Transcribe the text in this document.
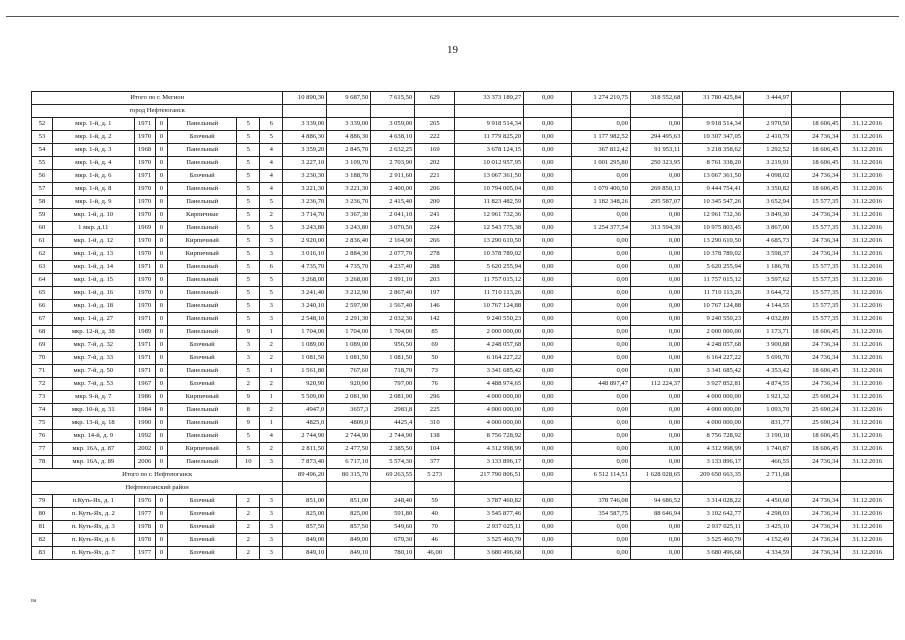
19
Итого по г. Мегион							10 890,30	9 687,50	7 615,50	629	33 373 189,27	0,00	1 274 210,75	318 552,68	31 780 425,84	3 444,97		
город Нефтеюганск																		
52	мкр. 1-й, д. 1	1971	0	Панельный	5	6	3 339,00	3 339,00	3 059,00	265	9 918 514,34	0,00	0,00	0,00	9 918 514,34	2 970,50	18 606,45	31.12.2016
53	мкр. 1-й, д. 2	1970	0	Блочный	5	5	4 886,30	4 886,30	4 638,10	222	11 779 825,20	0,00	1 177 982,52	294 495,63	10 307 347,05	2 410,79	24 736,34	31.12.2016
54	мкр. 1-й, д. 3	1968	0	Панельный	5	4	3 359,20	2 845,70	2 632,25	169	3 678 124,15	0,00	367 812,42	91 953,11	3 218 358,62	1 292,52	18 606,45	31.12.2016
55	мкр. 1-й, д. 4	1970	0	Панельный	5	4	3 227,10	3 109,70	2 703,90	202	10 012 957,95	0,00	1 001 295,80	250 323,95	8 761 338,20	3 219,91	18 606,45	31.12.2016
56	мкр. 1-й, д. 6	1971	0	Блочный	5	4	3 230,30	3 188,70	2 911,60	221	13 067 361,50	0,00	0,00	0,00	13 067 361,50	4 098,02	24 736,34	31.12.2016
57	мкр. 1-й, д. 8	1970	0	Панельный	5	4	3 221,30	3 221,30	2 400,00	206	10 794 005,04	0,00	1 079 400,50	269 850,13	9 444 754,41	3 350,82	18 606,45	31.12.2016
58	мкр. 1-й, д. 9	1970	0	Панельный	5	5	3 236,70	3 236,70	2 415,40	200	11 823 482,59	0,00	1 182 348,26	295 587,07	10 345 547,26	3 652,94	15 577,35	31.12.2016
59	мкр. 1-й, д. 10	1970	0	Кирпичные	5	2	3 714,70	3 367,30	2 041,10	241	12 961 732,36	0,00	0,00	0,00	12 961 732,36	3 849,30	24 736,34	31.12.2016
60	1 мкр. д.11	1969	0	Панельный	5	5	3 243,80	3 243,80	3 070,50	224	12 543 775,38	0,00	1 254 377,54	313 594,39	10 975 803,45	3 867,00	15 577,35	31.12.2016
61	мкр. 1-й, д. 12	1970	0	Кирпичный	5	3	2 920,00	2 836,40	2 164,90	266	13 290 610,50	0,00	0,00	0,00	13 290 610,50	4 685,73	24 736,34	31.12.2016
62	мкр. 1-й, д. 13	1970	0	Кирпичный	5	3	3 016,10	2 884,30	2 077,70	278	10 378 789,02	0,00	0,00	0,00	10 378 789,02	3 598,37	24 736,34	31.12.2016
63	мкр. 1-й, д. 14	1971	0	Панельный	5	6	4 735,70	4 735,70	4 237,40	288	5 620 255,94	0,00	0,00	0,00	5 620 255,94	1 186,78	15 577,35	31.12.2016
64	мкр. 1-й, д. 15	1970	0	Панельный	5	5	3 268,00	3 268,00	2 991,10	203	11 757 015,12	0,00	0,00	0,00	11 757 015,12	3 597,62	15 577,35	31.12.2016
65	мкр. 1-й, д. 16	1970	0	Панельный	5	5	3 241,40	3 212,90	2 867,40	197	11 710 113,26	0,00	0,00	0,00	11 710 113,26	3 644,72	15 577,35	31.12.2016
66	мкр. 1-й, д. 18	1970	0	Панельный	5	3	3 240,10	2 597,90	1 567,40	146	10 767 124,88	0,00	0,00	0,00	10 767 124,88	4 144,55	15 577,35	31.12.2016
67	мкр. 1-й, д. 27	1971	0	Панельный	5	3	2 548,10	2 291,30	2 032,30	142	9 240 550,23	0,00	0,00	0,00	9 240 550,23	4 032,89	15 577,35	31.12.2016
68	мкр. 12-й, д. 38	1989	0	Панельный	9	1	1 704,00	1 704,00	1 704,00	85	2 000 000,00	0,00	0,00	0,00	2 000 000,00	1 173,71	18 606,45	31.12.2016
69	мкр. 7-й, д. 32	1971	0	Блочный	3	2	1 089,00	1 089,00	956,50	69	4 248 057,68	0,00	0,00	0,00	4 248 057,68	3 900,88	24 736,34	31.12.2016
70	мкр. 7-й, д. 33	1971	0	Блочный	3	2	1 081,50	1 081,50	1 081,50	50	6 164 227,22	0,00	0,00	0,00	6 164 227,22	5 699,70	24 736,34	31.12.2016
71	мкр. 7-й, д. 50	1971	0	Панельный	5	1	1 561,80	767,60	718,70	73	3 341 685,42	0,00	0,00	0,00	3 341 685,42	4 353,42	18 606,45	31.12.2016
72	мкр. 7-й, д. 53	1967	0	Блочный	2	2	920,90	920,90	797,00	76	4 488 974,65	0,00	448 897,47	112 224,37	3 927 852,81	4 874,55	24 736,34	31.12.2016
73	мкр. 9-й, д. 7	1986	0	Кирпичный	9	1	5 509,00	2 081,90	2 081,90	296	4 000 000,00	0,00	0,00	0,00	4 000 000,00	1 921,32	25 690,24	31.12.2016
74	мкр. 10-й, д. 31	1984	0	Панельный	8	2	4947,0	3657,3	2983,8	225	4 000 000,00	0,00	0,00	0,00	4 000 000,00	1 093,70	25 690,24	31.12.2016
75	мкр. 13-й, д. 18	1990	0	Панельный	9	1	4825,0	4809,0	4425,4	310	4 000 000,00	0,00	0,00	0,00	4 000 000,00	831,77	25 690,24	31.12.2016
76	мкр. 14-й, д. 9	1992	0	Панельный	5	4	2 744,90	2 744,90	2 744,90	138	8 756 728,92	0,00	0,00	0,00	8 756 728,92	3 190,18	18 606,45	31.12.2016
77	мкр. 16А, д. 87	2002	0	Кирпичный	5	2	2 811,50	2 477,50	2 385,50	104	4 312 998,99	0,00	0,00	0,00	4 312 998,99	1 740,87	18 606,45	31.12.2016
78	мкр. 16А, д. 89	2006	0	Панельный	10	3	7 873,40	6 717,10	5 574,30	377	3 133 896,17	0,00	0,00	0,00	3 133 896,17	466,55	24 736,34	31.12.2016
Итого по г. Нефтеюганск							89 496,20	80 315,70	69 263,55	5 273	217 790 806,51	0,00	6 512 114,51	1 628 028,65	209 650 663,35	2 711,68		
Нефтеюганский район																		
79	п.Куть-Ях, д. 1	1976	0	Блочный	2	3	851,00	851,00	248,40	59	3 787 460,82	0,00	378 746,08	94 686,52	3 314 028,22	4 450,60	24 736,34	31.12.2016
80	п. Куть-Ях, д. 2	1977	0	Блочный	2	3	825,00	825,00	591,80	40	3 545 877,46	0,00	354 587,75	88 646,94	3 102 642,77	4 298,03	24 736,34	31.12.2016
81	п. Куть-Ях, д. 3	1978	0	Блочный	2	3	857,50	857,50	549,60	70	2 937 025,11	0,00	0,00	0,00	2 937 025,11	3 425,10	24 736,34	31.12.2016
82	п. Куть-Ях, д. 6	1978	0	Блочный	2	3	849,00	849,00	679,30	46	3 525 460,79	0,00	0,00	0,00	3 525 460,79	4 152,49	24 736,34	31.12.2016
83	п. Куть-Ях, д. 7	1977	0	Блочный	2	3	849,10	849,10	780,10	46,00	3 680 496,68	0,00	0,00	0,00	3 680 496,68	4 334,59	24 736,34	31.12.2016
ва
